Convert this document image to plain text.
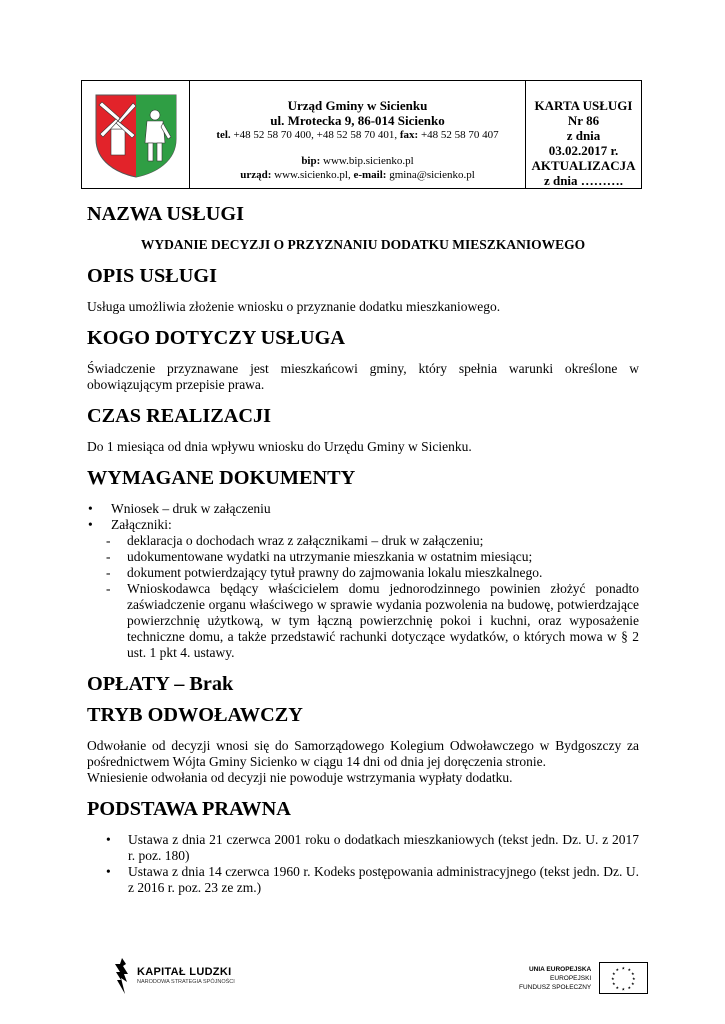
Urząd Gminy w Sicienku
ul. Mrotecka 9, 86-014 Sicienko
tel. +48 52 58 70 400, +48 52 58 70 401, fax: +48 52 58 70 407
bip: www.bip.sicienko.pl
urząd: www.sicienko.pl, e-mail: gmina@sicienko.pl
KARTA USŁUGI
Nr 86
z dnia
03.02.2017 r.
AKTUALIZACJA
z dnia ……….
NAZWA USŁUGI
WYDANIE DECYZJI O PRZYZNANIU DODATKU MIESZKANIOWEGO
OPIS USŁUGI

Usługa umożliwia złożenie wniosku o przyznanie dodatku mieszkaniowego.

KOGO DOTYCZY USŁUGA

Świadczenie przyznawane jest mieszkańcowi gminy, który spełnia warunki określone w obowiązującym przepisie prawa.

CZAS REALIZACJI

Do 1 miesiąca od dnia wpływu wniosku do Urzędu Gminy w Sicienku.

WYMAGANE DOKUMENTY
• Wniosek – druk w załączeniu
• Załączniki:
- deklaracja o dochodach wraz z załącznikami – druk w załączeniu;
- udokumentowane wydatki na utrzymanie mieszkania w ostatnim miesiącu;
- dokument potwierdzający tytuł prawny do zajmowania lokalu mieszkalnego.
- Wnioskodawca będący właścicielem domu jednorodzinnego powinien złożyć ponadto zaświadczenie organu właściwego w sprawie wydania pozwolenia na budowę, potwierdzające powierzchnię użytkową, w tym łączną powierzchnię pokoi i kuchni, oraz wyposażenie techniczne domu, a także przedstawić rachunki dotyczące wydatków, o których mowa w § 2 ust. 1 pkt 4. ustawy.
OPŁATY – Brak
TRYB ODWOŁAWCZY

Odwołanie od decyzji wnosi się do Samorządowego Kolegium Odwoławczego w Bydgoszczy za pośrednictwem Wójta Gminy Sicienko w ciągu 14 dni od dnia jej doręczenia stronie.

Wniesienie odwołania od decyzji nie powoduje wstrzymania wypłaty dodatku.

PODSTAWA PRAWNA
• Ustawa z dnia 21 czerwca 2001 roku o dodatkach mieszkaniowych (tekst jedn. Dz. U. z 2017 r. poz. 180)
• Ustawa z dnia 14 czerwca 1960 r. Kodeks postępowania administracyjnego (tekst jedn. Dz. U. z 2016 r. poz. 23 ze zm.)
KAPITAŁ LUDZKI
NARODOWA STRATEGIA SPÓJNOŚCI
UNIA EUROPEJSKA
EUROPEJSKI
FUNDUSZ SPOŁECZNY
★ ★
★
★
★
★
★
★
★
★
★
★
